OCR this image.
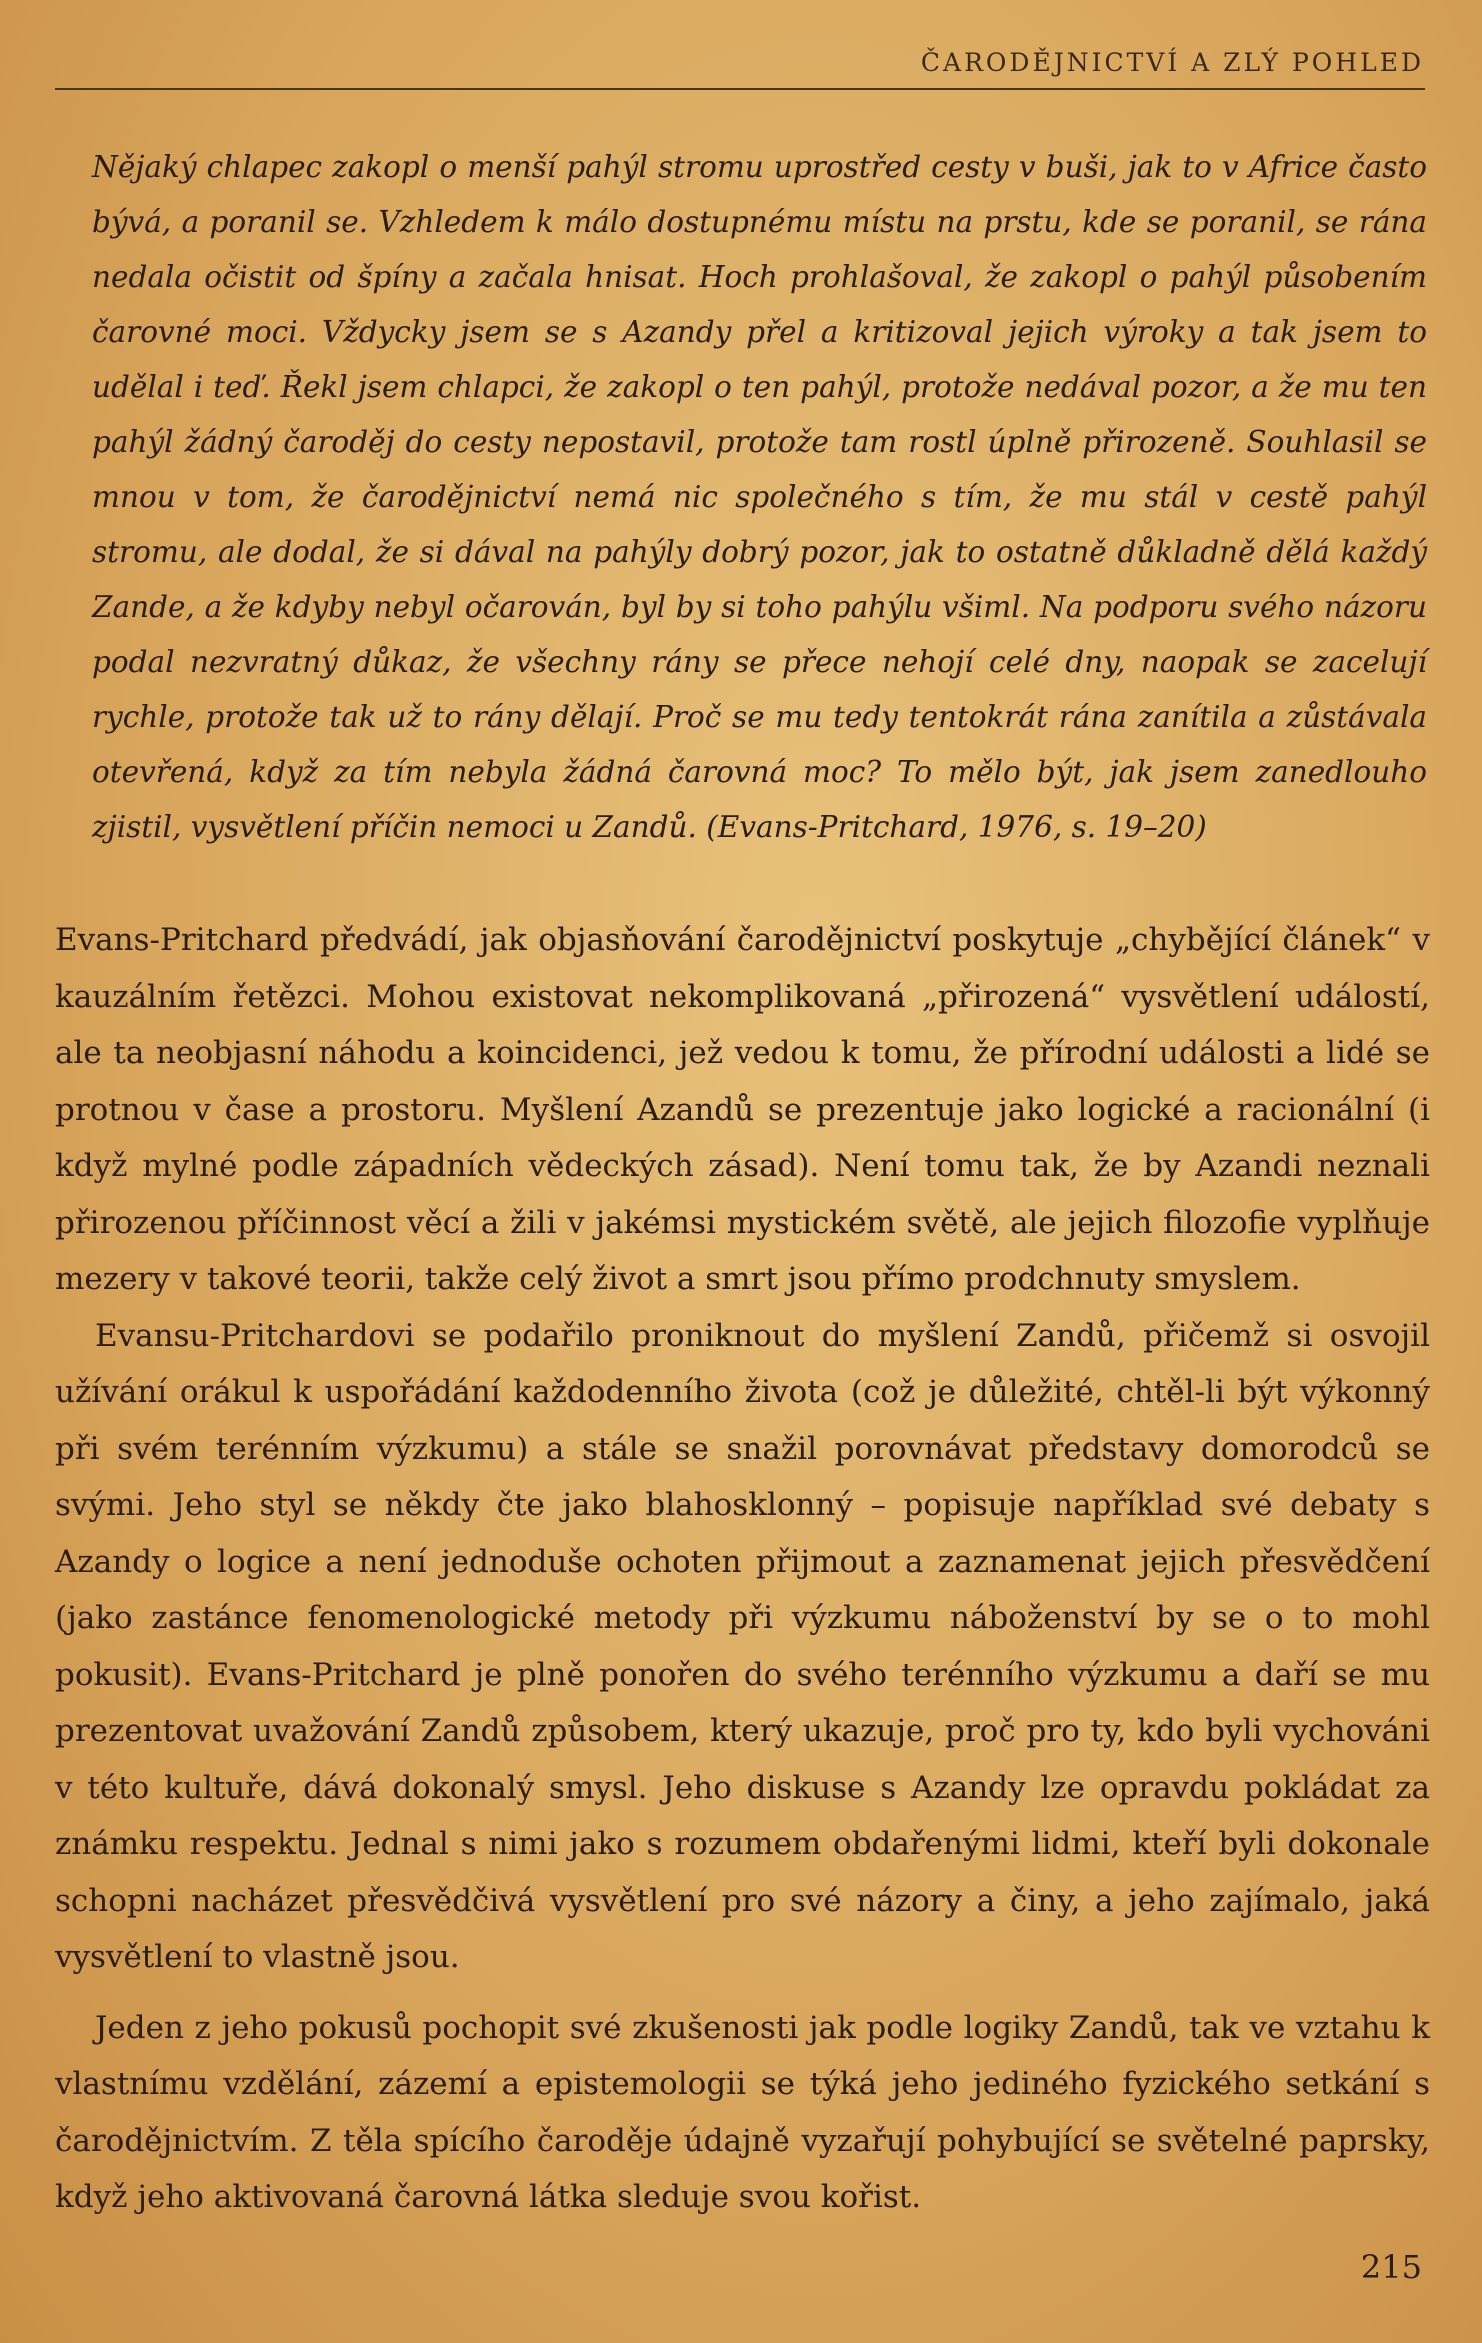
ČARODĚJNICTVÍ A ZLÝ POHLED

Nějaký chlapec zakopl o menší pahýl stromu uprostřed cesty v buši, jak to v Africe často bývá, a poranil se. Vzhledem k málo dostupnému místu na prstu, kde se poranil, se rána nedala očistit od špíny a začala hnisat. Hoch prohlašoval, že zakopl o pahýl působením čarovné moci. Vždycky jsem se s Azandy přel a kritizoval jejich výroky a tak jsem to udělal i teď. Řekl jsem chlapci, že zakopl o ten pahýl, protože nedával pozor, a že mu ten pahýl žádný čaroděj do cesty nepostavil, protože tam rostl úplně přirozeně. Souhlasil se mnou v tom, že čarodějnictví nemá nic společného s tím, že mu stál v cestě pahýl stromu, ale dodal, že si dával na pahýly dobrý pozor, jak to ostatně důkladně dělá každý Zande, a že kdyby nebyl očarován, byl by si toho pahýlu všiml. Na podporu svého názoru podal nezvratný důkaz, že všechny rány se přece nehojí celé dny, naopak se zacelují rychle, protože tak už to rány dělají. Proč se mu tedy tentokrát rána zanítila a zůstávala otevřená, když za tím nebyla žádná čarovná moc? To mělo být, jak jsem zanedlouho zjistil, vysvětlení příčin nemoci u Zandů. (Evans-Pritchard, 1976, s. 19–20)

Evans-Pritchard předvádí, jak objasňování čarodějnictví poskytuje „chybějící článek“ v kauzálním řetězci. Mohou existovat nekomplikovaná „přirozená“ vysvětlení událostí, ale ta neobjasní náhodu a koincidenci, jež vedou k tomu, že přírodní události a lidé se protnou v čase a prostoru. Myšlení Azandů se prezentuje jako logické a racionální (i když mylné podle západních vědeckých zásad). Není tomu tak, že by Azandi neznali přirozenou příčinnost věcí a žili v jakémsi mystickém světě, ale jejich filozofie vyplňuje mezery v takové teorii, takže celý život a smrt jsou přímo prodchnuty smyslem.

Evansu-Pritchardovi se podařilo proniknout do myšlení Zandů, přičemž si osvojil užívání orákul k uspořádání každodenního života (což je důležité, chtěl-li být výkonný při svém terénním výzkumu) a stále se snažil porovnávat představy domorodců se svými. Jeho styl se někdy čte jako blahosklonný – popisuje například své debaty s Azandy o logice a není jednoduše ochoten přijmout a zaznamenat jejich přesvědčení (jako zastánce fenomenologické metody při výzkumu náboženství by se o to mohl pokusit). Evans-Pritchard je plně ponořen do svého terénního výzkumu a daří se mu prezentovat uvažování Zandů způsobem, který ukazuje, proč pro ty, kdo byli vychováni v této kultuře, dává dokonalý smysl. Jeho diskuse s Azandy lze opravdu pokládat za známku respektu. Jednal s nimi jako s rozumem obdařenými lidmi, kteří byli dokonale schopni nacházet přesvědčivá vysvětlení pro své názory a činy, a jeho zajímalo, jaká vysvětlení to vlastně jsou.

Jeden z jeho pokusů pochopit své zkušenosti jak podle logiky Zandů, tak ve vztahu k vlastnímu vzdělání, zázemí a epistemologii se týká jeho jediného fyzického setkání s čarodějnictvím. Z těla spícího čaroděje údajně vyzařují pohybující se světelné paprsky, když jeho aktivovaná čarovná látka sleduje svou kořist.

215
